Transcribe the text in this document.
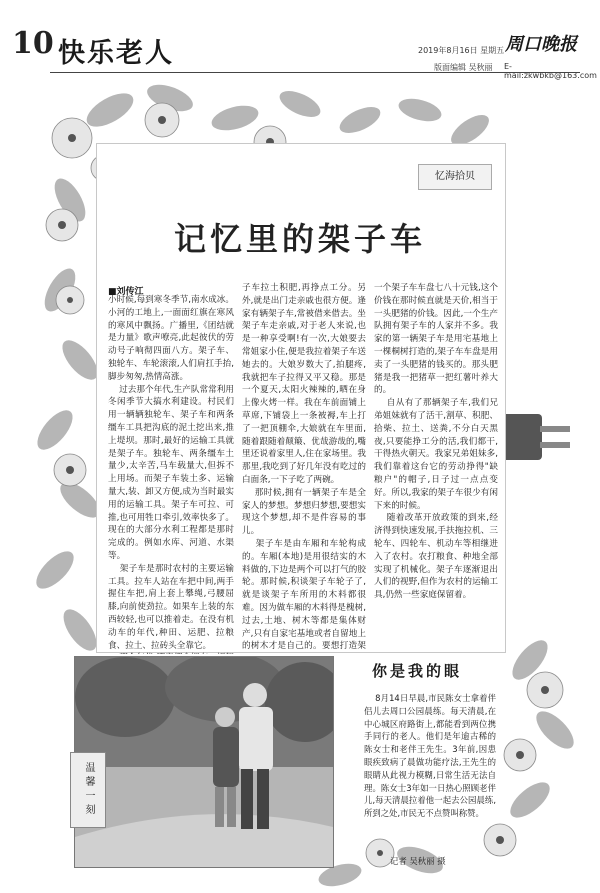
10 快乐老人	2019年8月16日 星期五 周口晚报
版面编辑 吴秋丽 E-mail:zkwbkb@163.com
忆海拾贝
记忆里的架子车
■刘传江
小时候,每到寒冬季节,南水成冰。小河的工地上,一面面红旗在寒风的寒风中飘扬。广播里,《团结就是力量》歌声嘹亮,此起彼伏的劳动号子响彻四面八方。架子车、独轮车、车轮滚滚,人们肩扛手抬,脚步匆匆,热情高涨。
过去那个年代,生产队常常利用冬闲季节大搞水利建设。村民们用一辆辆独轮车、架子车和两条缰车工具把沟底的泥土挖出来,推上堤坝。那时,最好的运输工具就是架子车。独轮车、两条缰车土量少,太辛苦,马车载量大,但拆不上用场。而架子车装土多、运输量大,装、卸又方便,成为当时最实用的运输工具。架子车可拉、可推,也可用牲口牵引,效率快多了。现在的大部分水利工程都是那时完成的。例如水库、河道、水渠等。
架子车是那时农村的主要运输工具。拉车人站在车把中间,两手握住车把,肩上套上攀绳,弓腰屈膝,向前使劲拉。如果车上装的东西较轻,也可以推着走。在没有机动车的年代,种田、运肥、拉粮食、拉土、拉砖头全靠它。

子车拉土积肥,再挣点工分。另外,就是出门走亲戚也很方便。逢家有辆架子车,常被借来借去。坐架子车走亲戚,对于老人来说,也是一种享受啊!有一次,大娘要去常姐家小住,便是我拉着架子车送她去的。大娘岁数大了,拍腿疼,我就把车子拉得又平又稳。那是一个夏天,太阳火辣辣的,晒在身上像火烤一样。我在车前面铺上草席,下铺袋上一条被褥,车上打了一把顶棚伞,大娘就在车里面,随着跟随着颠簸、优哉游哉的,嘴里还说着家里人,住在家场里。我那里,我吃到了好几年没有吃过的白面条,一下子吃了两碗。
那时候,拥有一辆架子车是全家人的梦想。梦想归梦想,要想实现这个梦想,却不是件容易的事儿。
架子车是由车厢和车轮构成的。车厢(本地)是用很结实的木料做的,下边是两个可以打气的胶轮。那时候,积谈架子车轮子了,就是谈架子车所用的木料都很难。因为做车厢的木料得是槐树,过去,土地、树木等都是集体财产,只有自家宅基地或者自留地上的树木才是自己的。要想打造架
一个架子车车盘七八十元钱,这个价钱在那时候直就是天价,相当于一头肥猪的价钱。因此,一个生产队拥有架子车的人家并不多。我家的第一辆架子车是用宅基地上一棵桐树打造的,架子车车盘是用卖了一头肥猪的钱买的。那头肥猪是我一把猪草一把红薯叶养大的。
自从有了那辆架子车,我们兄弟姐妹就有了活干,割草、积肥、拾柴、拉土、送粪,不分白天黑夜,只要能挣工分的活,我们都干,干得热火朝天。我家兄弟姐妹多,我们靠着这台它的劳动挣得"缺粮户"的帽子,日子过一点点变好。所以,我家的架子车很少有闲下来的时候。
随着改革开放政策的到来,经济得到快速发展,手扶拖拉机、三轮车、四轮车、机动车等相继进入了农村。农打粮食、种地全部实现了机械化。架子车逐渐退出人们的视野,但作为农村的运输工具,仍然一些家庭保留着。

温馨一刻
你是我的眼
8月14日早晨,市民陈女士拿着伴侣儿去周口公园晨练。每天清晨,在中心城区府路街上,都能看到两位携手同行的老人。他们是年逾古稀的陈女士和老伴王先生。3年前,因患眼疾致病了晨做功能疗法,王先生的眼睛从此视力模糊,日常生活无法自理。陈女士3年如一日热心照顾老伴儿,每天清晨拉着他一起去公园晨练,所到之处,市民无不点赞叫称赞。
记者 吴秋丽 摄
